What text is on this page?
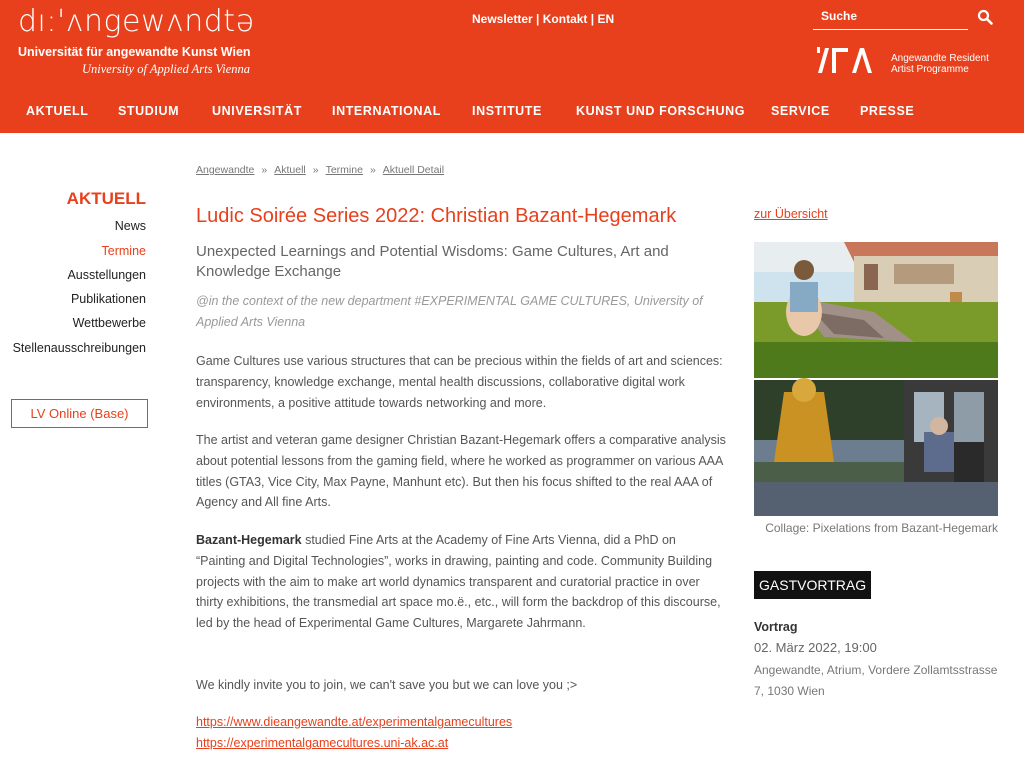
dı:'ʌngewʌndtə
Universität für angewandte Kunst Wien
University of Applied Arts Vienna
Newsletter | Kontakt | EN	Suche
Angewandte Resident
Artist Programme
AKTUELL STUDIUM	UNIVERSITÄT INTERNATIONAL INSTITUTE	KUNST UND FORSCHUNG SERVICE PRESSE
AKTUELL
News
Termine
Ausstellungen
Publikationen
Wettbewerbe
Stellenausschreibungen
LV Online (Base)
Angewandte » Aktuell » Termine » Aktuell Detail
Ludic Soirée Series 2022: Christian Bazant-Hegemark
Unexpected Learnings and Potential Wisdoms: Game Cultures, Art and Knowledge Exchange
@in the context of the new department #EXPERIMENTAL GAME CULTURES, University of Applied Arts Vienna
Game Cultures use various structures that can be precious within the fields of art and sciences: transparency, knowledge exchange, mental health discussions, collaborative digital work environments, a positive attitude towards networking and more.
The artist and veteran game designer Christian Bazant-Hegemark offers a comparative analysis about potential lessons from the gaming field, where he worked as programmer on various AAA titles (GTA3, Vice City, Max Payne, Manhunt etc). But then his focus shifted to the real AAA of Agency and All fine Arts.
Bazant-Hegemark studied Fine Arts at the Academy of Fine Arts Vienna, did a PhD on “Painting and Digital Technologies”, works in drawing, painting and code. Community Building projects with the aim to make art world dynamics transparent and curatorial practice in over thirty exhibitions, the transmedial art space mo.ë., etc., will form the backdrop of this discourse, led by the head of Experimental Game Cultures, Margarete Jahrmann.
We kindly invite you to join, we can't save you but we can love you ;>
https://www.dieangewandte.at/experimentalgamecultures
https://experimentalgamecultures.uni-ak.ac.at
zur Übersicht
Collage: Pixelations from Bazant-Hegemark
GASTVORTRAG
Vortrag
02. März 2022, 19:00
Angewandte, Atrium, Vordere Zollamtsstrasse 7, 1030 Wien
